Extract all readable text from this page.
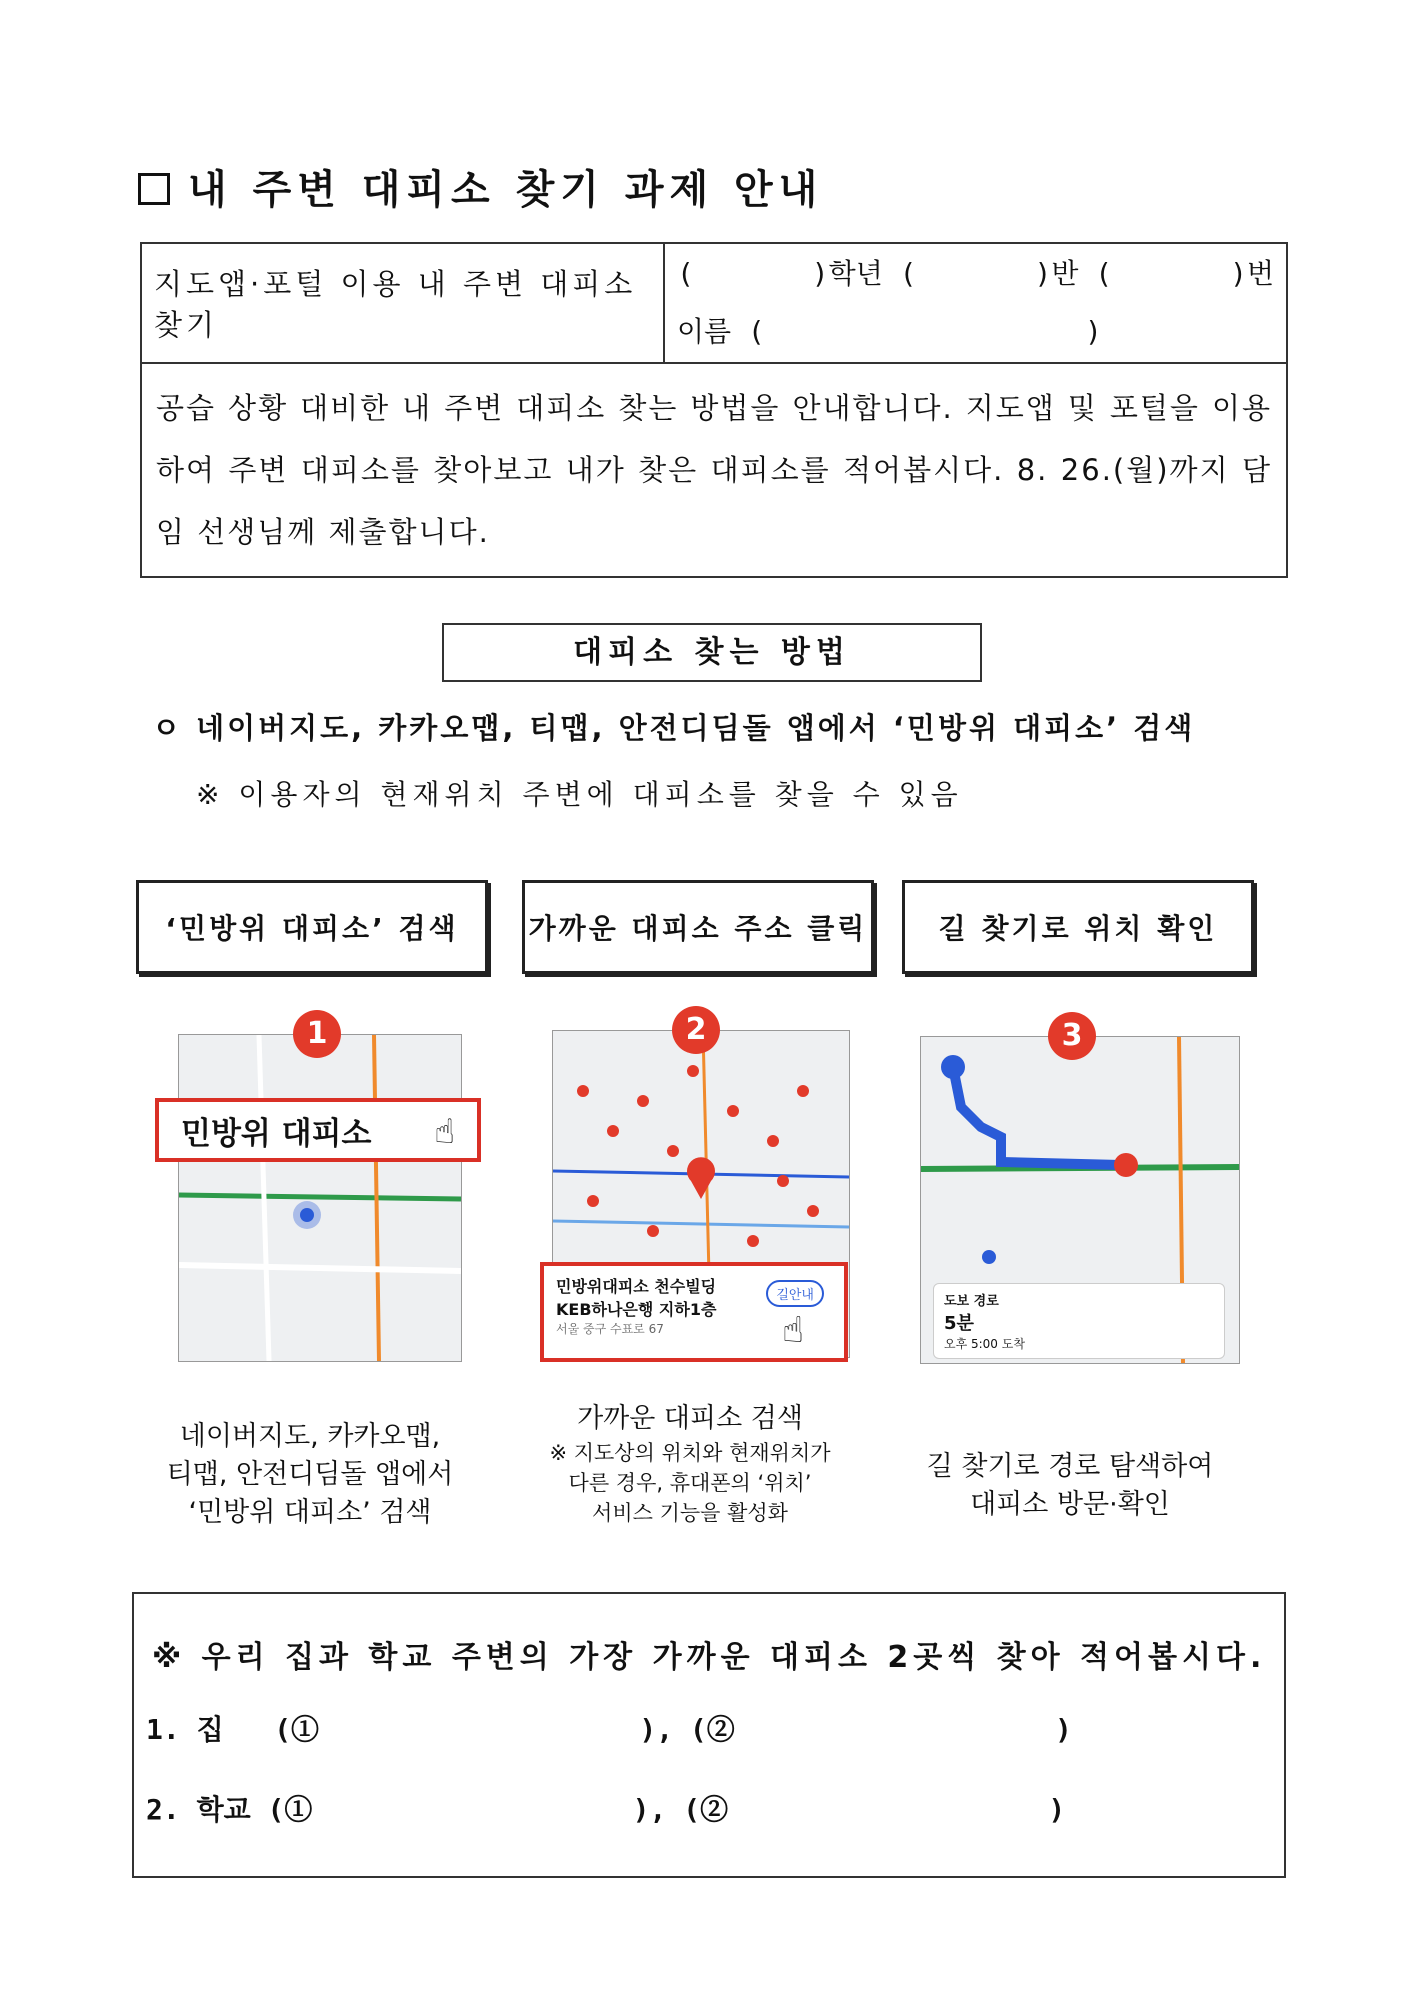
내 주변 대피소 찾기 과제 안내
지도앱·포털 이용 내 주변 대피소 찾기	
(       )학년 (       )반 (       )번
이름 (                   )

공습 상황 대비한 내 주변 대피소 찾는 방법을 안내합니다. 지도앱 및 포털을 이용하여 주변 대피소를 찾아보고 내가 찾은 대피소를 적어봅시다. 8. 26.(월)까지 담임 선생님께 제출합니다.
대피소 찾는 방법
ㅇ 네이버지도, 카카오맵, 티맵, 안전디딤돌 앱에서 ‘민방위 대피소’ 검색
※ 이용자의 현재위치 주변에 대피소를 찾을 수 있음
‘민방위 대피소’ 검색	가까운 대피소 주소 클릭	길 찾기로 위치 확인
민방위 대피소 ☝
1
민방위대피소 천수빌딩
KEB하나은행 지하1층
서울 중구 수표로 67
길안내
☝
2
도보 경로
5분
오후 5:00 도착
3
네이버지도, 카카오맵,
티맵, 안전디딤돌 앱에서
‘민방위 대피소’ 검색
가까운 대피소 검색
※ 지도상의 위치와 현재위치가
다른 경우, 휴대폰의 ‘위치’
서비스 기능을 활성화
길 찾기로 경로 탐색하여
대피소 방문·확인
※ 우리 집과 학교 주변의 가장 가까운 대피소 2곳씩 찾아 적어봅시다.
1. 집   (①                   ), (②                   )
2. 학교 (①                   ), (②                   )
